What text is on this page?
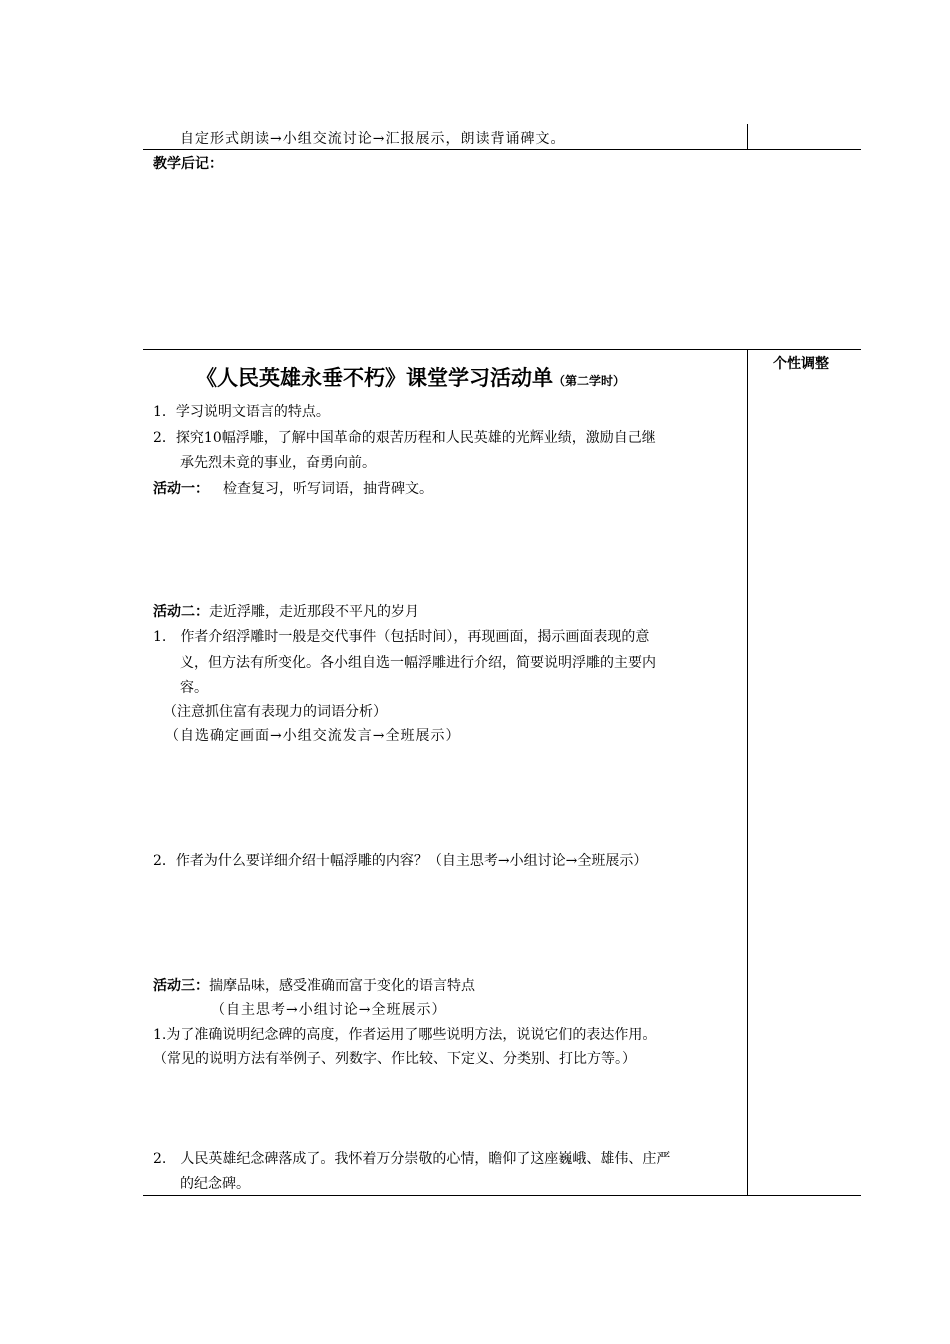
自定形式朗读→小组交流讨论→汇报展示，朗读背诵碑文。
教学后记：
《人民英雄永垂不朽》课堂学习活动单（第二学时）
个性调整
1．学习说明文语言的特点。
2．探究10幅浮雕，了解中国革命的艰苦历程和人民英雄的光辉业绩，激励自己继
承先烈未竟的事业，奋勇向前。
活动一： 检查复习，听写词语，抽背碑文。
活动二：走近浮雕，走近那段不平凡的岁月
1.　作者介绍浮雕时一般是交代事件（包括时间），再现画面，揭示画面表现的意
义，但方法有所变化。各小组自选一幅浮雕进行介绍，简要说明浮雕的主要内
容。
（注意抓住富有表现力的词语分析）
（自选确定画面→小组交流发言→全班展示）
2．作者为什么要详细介绍十幅浮雕的内容？（自主思考→小组讨论→全班展示）
活动三：揣摩品味，感受准确而富于变化的语言特点
（自主思考→小组讨论→全班展示）
1.为了准确说明纪念碑的高度，作者运用了哪些说明方法，说说它们的表达作用。
（常见的说明方法有举例子、列数字、作比较、下定义、分类别、打比方等。）
2.　人民英雄纪念碑落成了。我怀着万分崇敬的心情，瞻仰了这座巍峨、雄伟、庄严
的纪念碑。
